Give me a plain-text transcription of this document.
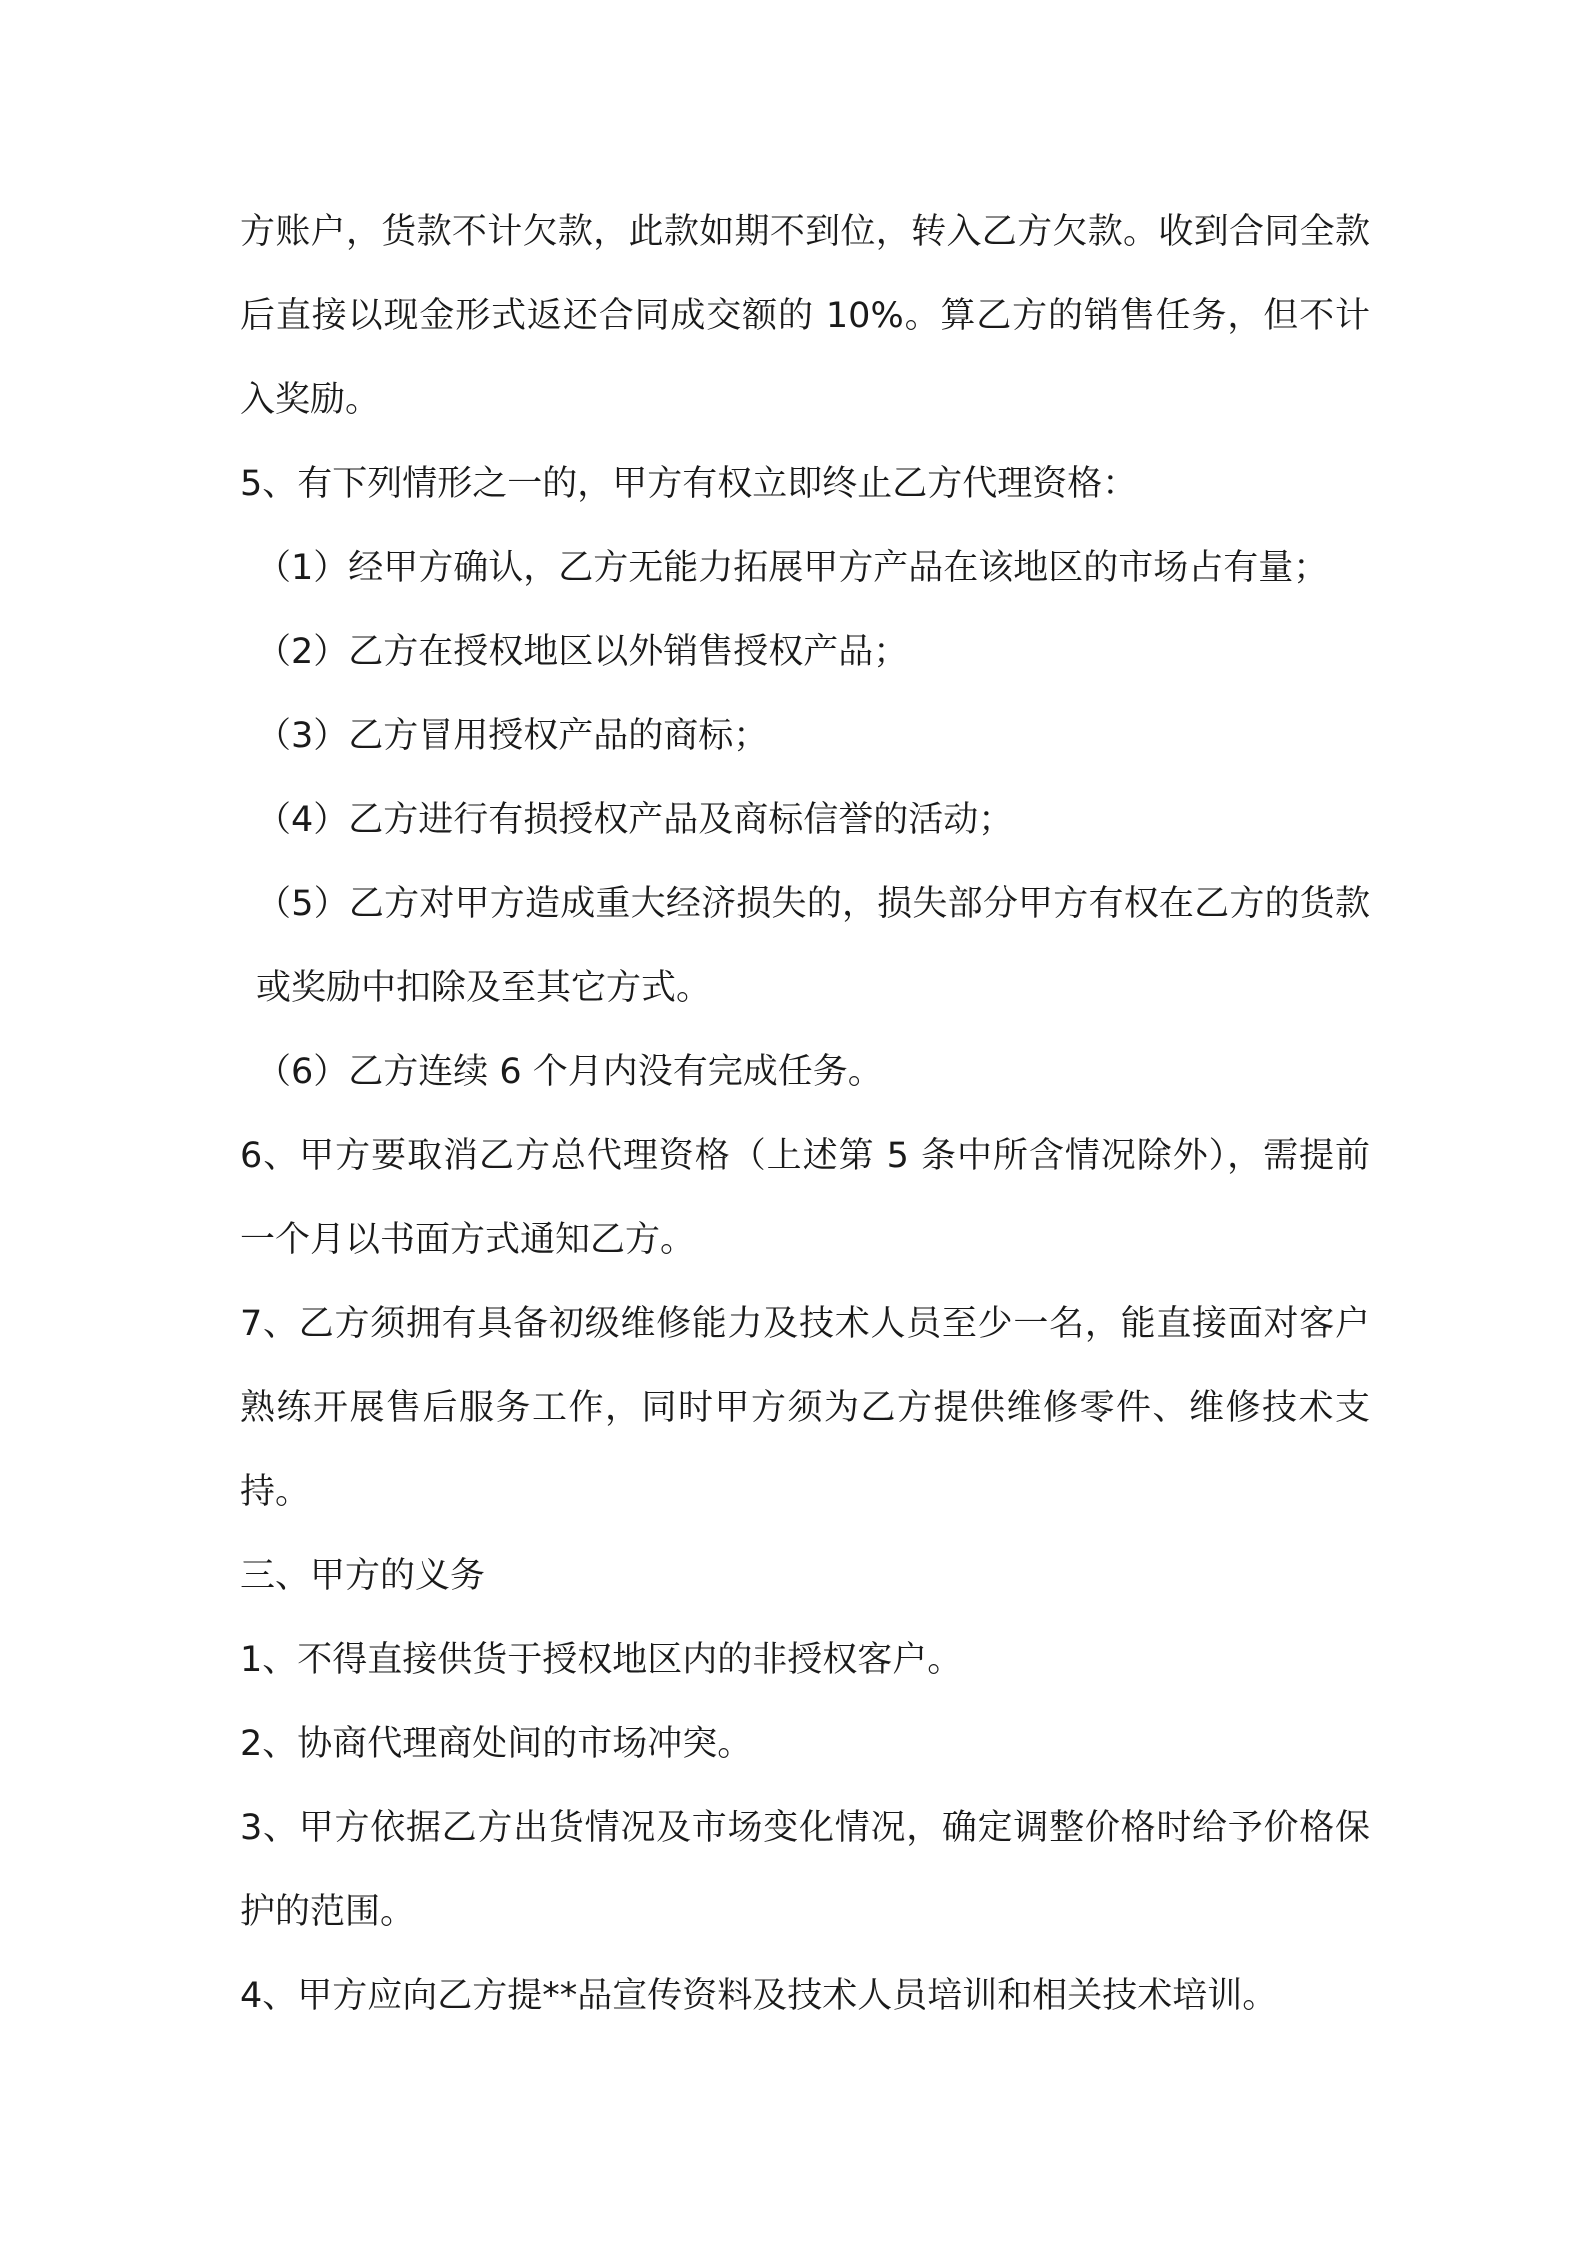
方账户，货款不计欠款，此款如期不到位，转入乙方欠款。收到合同全款后直接以现金形式返还合同成交额的 10%。算乙方的销售任务，但不计入奖励。

5、有下列情形之一的，甲方有权立即终止乙方代理资格：

（1）经甲方确认，乙方无能力拓展甲方产品在该地区的市场占有量；

（2）乙方在授权地区以外销售授权产品；

（3）乙方冒用授权产品的商标；

（4）乙方进行有损授权产品及商标信誉的活动；

（5）乙方对甲方造成重大经济损失的，损失部分甲方有权在乙方的货款或奖励中扣除及至其它方式。

（6）乙方连续 6 个月内没有完成任务。

6、甲方要取消乙方总代理资格（上述第 5 条中所含情况除外），需提前一个月以书面方式通知乙方。

7、乙方须拥有具备初级维修能力及技术人员至少一名，能直接面对客户熟练开展售后服务工作，同时甲方须为乙方提供维修零件、维修技术支持。

三、甲方的义务

1、不得直接供货于授权地区内的非授权客户。

2、协商代理商处间的市场冲突。

3、甲方依据乙方出货情况及市场变化情况，确定调整价格时给予价格保护的范围。

4、甲方应向乙方提**品宣传资料及技术人员培训和相关技术培训。
